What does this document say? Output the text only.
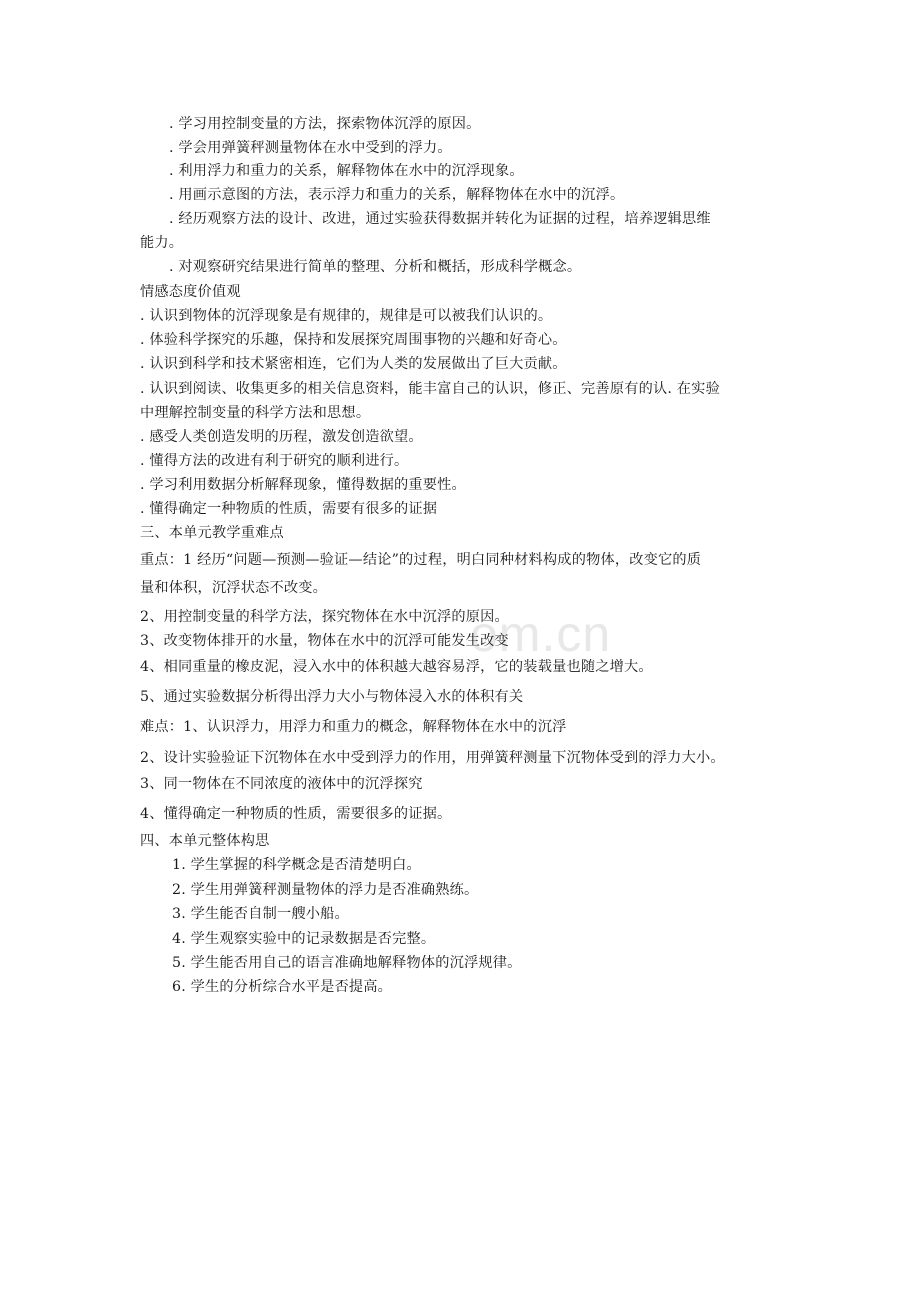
om.cn
. 学习用控制变量的方法，探索物体沉浮的原因。
. 学会用弹簧秤测量物体在水中受到的浮力。
. 利用浮力和重力的关系，解释物体在水中的沉浮现象。
. 用画示意图的方法，表示浮力和重力的关系，解释物体在水中的沉浮。
. 经历观察方法的设计、改进，通过实验获得数据并转化为证据的过程，培养逻辑思维
能力。
. 对观察研究结果进行简单的整理、分析和概括，形成科学概念。
情感态度价值观
. 认识到物体的沉浮现象是有规律的，规律是可以被我们认识的。
. 体验科学探究的乐趣，保持和发展探究周围事物的兴趣和好奇心。
. 认识到科学和技术紧密相连，它们为人类的发展做出了巨大贡献。
. 认识到阅读、收集更多的相关信息资料，能丰富自己的认识，修正、完善原有的认. 在实验
中理解控制变量的科学方法和思想。
. 感受人类创造发明的历程，激发创造欲望。
. 懂得方法的改进有利于研究的顺利进行。
. 学习利用数据分析解释现象，懂得数据的重要性。
. 懂得确定一种物质的性质，需要有很多的证据
三、本单元教学重难点
重点：1 经历“问题—预测—验证—结论”的过程，明白同种材料构成的物体，改变它的质
量和体积，沉浮状态不改变。
2、用控制变量的科学方法，探究物体在水中沉浮的原因。
3、改变物体排开的水量，物体在水中的沉浮可能发生改变
4、相同重量的橡皮泥，浸入水中的体积越大越容易浮，它的装载量也随之增大。
5、通过实验数据分析得出浮力大小与物体浸入水的体积有关
难点：1、认识浮力，用浮力和重力的概念，解释物体在水中的沉浮
2、设计实验验证下沉物体在水中受到浮力的作用，用弹簧秤测量下沉物体受到的浮力大小。
3、同一物体在不同浓度的液体中的沉浮探究
4、懂得确定一种物质的性质，需要很多的证据。
四、本单元整体构思
1. 学生掌握的科学概念是否清楚明白。
2. 学生用弹簧秤测量物体的浮力是否准确熟练。
3. 学生能否自制一艘小船。
4. 学生观察实验中的记录数据是否完整。
5. 学生能否用自己的语言准确地解释物体的沉浮规律。
6. 学生的分析综合水平是否提高。
